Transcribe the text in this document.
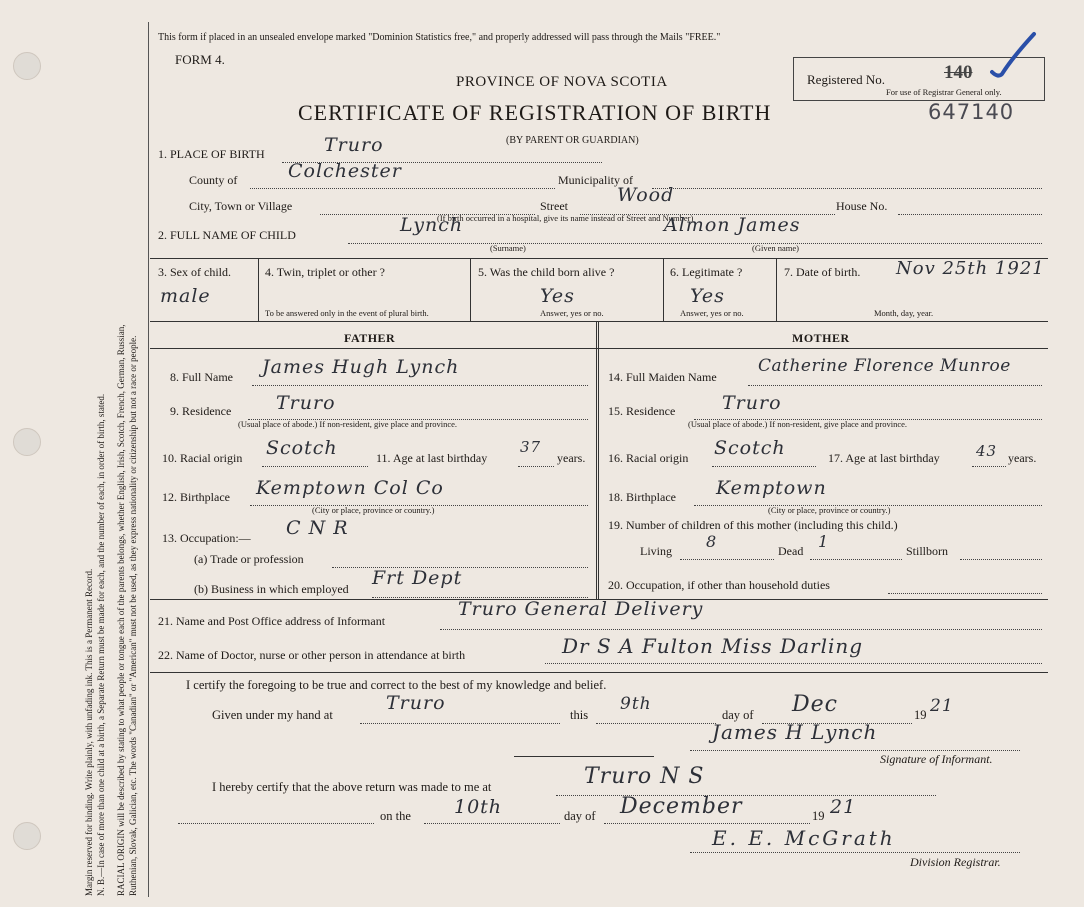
Margin reserved for binding. Write plainly, with unfading ink. This is a Permanent Record. N. B.—In case of more than one child at a birth, a Separate Return must be made for each, and the number of each, in order of birth, stated. RACIAL ORIGIN will be described by stating to what people or tongue each of the parents belongs, whether English, Irish, Scotch, French, German, Russian, Ruthenian, Slovak, Galician, etc. The words "Canadian" or "American" must not be used, as they express nationality or citizenship but not a race or people.
This form if placed in an unsealed envelope marked "Dominion Statistics free," and properly addressed will pass through the Mails "FREE."
FORM 4.
PROVINCE OF NOVA SCOTIA
CERTIFICATE OF REGISTRATION OF BIRTH
(BY PARENT OR GUARDIAN)
Registered No.	140
For use of Registrar General only.
647140
1. PLACE OF BIRTH	Truro
County of	Colchester	Municipality of
City, Town or Village	Street	Wood	House No.
(If birth occurred in a hospital, give its name instead of Street and Number)
2. FULL NAME OF CHILD	Lynch	Almon James
(Surname)	(Given name)
3. Sex of child.
male
4. Twin, triplet or other ?
To be answered only in the event of plural birth.
5. Was the child born alive ?
Yes
Answer, yes or no.
6. Legitimate ?
Yes
Answer, yes or no.
7. Date of birth. Nov 25th 1921
Month, day, year.
FATHER	MOTHER
8. Full Name James Hugh Lynch
9. Residence Truro
(Usual place of abode.) If non-resident, give place and province.
10. Racial origin Scotch	11. Age at last birthday
37
years.
12. Birthplace Kemptown Col Co
(City or place, province or country.)
13. Occupation:— C N R
(a) Trade or profession
(b) Business in which employed Frt Dept
14. Full Maiden Name
Catherine Florence Munroe
15. Residence Truro
(Usual place of abode.) If non-resident, give place and province.
16. Racial origin Scotch	17. Age at last birthday 43 years.
18. Birthplace Kemptown
(City or place, province or country.)
19. Number of children of this mother (including this child.)
Living 8	Dead 1	Stillborn
20. Occupation, if other than household duties
21. Name and Post Office address of Informant
Truro General Delivery
22. Name of Doctor, nurse or other person in attendance at birth	Dr S A Fulton Miss Darling
I certify the foregoing to be true and correct to the best of my knowledge and belief.
Given under my hand at
Truro
this
9th
day of Dec	19 21
James H Lynch
Signature of Informant.
I hereby certify that the above return was made to me at	Truro N S
on the 10th	day of December	19 21
E. E. McGrath
Division Registrar.
